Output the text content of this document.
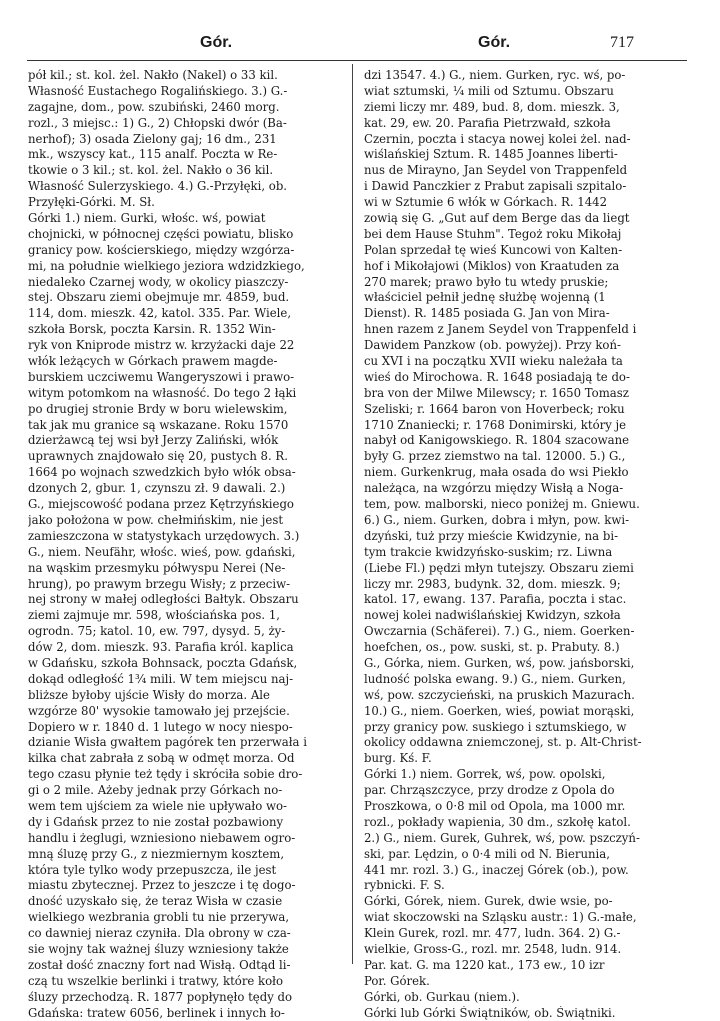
Gór.	Gór.	717
pół kil.; st. kol. żel. Nakło (Nakel) o 33 kil.
Własność Eustachego Rogalińskiego. 3.) G.-
zagajne, dom., pow. szubiński, 2460 morg.
rozl., 3 miejsc.: 1) G., 2) Chłopski dwór (Ba-
nerhof); 3) osada Zielony gaj; 16 dm., 231
mk., wszyscy kat., 115 analf. Poczta w Re-
tkowie o 3 kil.; st. kol. żel. Nakło o 36 kil.
Własność Sulerzyskiego. 4.) G.-Przyłęki, ob.
Przyłęki-Górki. M. Sł.
Górki 1.) niem. Gurki, włośc. wś, powiat
chojnicki, w północnej części powiatu, blisko
granicy pow. kościerskiego, między wzgórza-
mi, na południe wielkiego jeziora wdzidzkiego,
niedaleko Czarnej wody, w okolicy piaszczy-
stej. Obszaru ziemi obejmuje mr. 4859, bud.
114, dom. mieszk. 42, katol. 335. Par. Wiele,
szkoła Borsk, poczta Karsin. R. 1352 Win-
ryk von Kniprode mistrz w. krzyżacki daje 22
włók leżących w Górkach prawem magde-
burskiem uczciwemu Wangeryszowi i prawo-
witym potomkom na własność. Do tego 2 łąki
po drugiej stronie Brdy w boru wielewskim,
tak jak mu granice są wskazane. Roku 1570
dzierżawcą tej wsi był Jerzy Zaliński, włók
uprawnych znajdowało się 20, pustych 8. R.
1664 po wojnach szwedzkich było włók obsa-
dzonych 2, gbur. 1, czynszu zł. 9 dawali. 2.)
G., miejscowość podana przez Kętrzyńskiego
jako położona w pow. chełmińskim, nie jest
zamieszczona w statystykach urzędowych. 3.)
G., niem. Neufähr, włośc. wieś, pow. gdański,
na wąskim przesmyku półwyspu Nerei (Ne-
hrung), po prawym brzegu Wisły; z przeciw-
nej strony w małej odległości Bałtyk. Obszaru
ziemi zajmuje mr. 598, włościańska pos. 1,
ogrodn. 75; katol. 10, ew. 797, dysyd. 5, ży-
dów 2, dom. mieszk. 93. Parafia król. kaplica
w Gdańsku, szkoła Bohnsack, poczta Gdańsk,
dokąd odległość 1¾ mili. W tem miejscu naj-
bliższe byłoby ujście Wisły do morza. Ale
wzgórze 80' wysokie tamowało jej przejście.
Dopiero w r. 1840 d. 1 lutego w nocy niespo-
dzianie Wisła gwałtem pagórek ten przerwała i
kilka chat zabrała z sobą w odmęt morza. Od
tego czasu płynie też tędy i skróciła sobie dro-
gi o 2 mile. Ażeby jednak przy Górkach no-
wem tem ujściem za wiele nie upływało wo-
dy i Gdańsk przez to nie został pozbawiony
handlu i żeglugi, wzniesiono niebawem ogro-
mną śluzę przy G., z niezmiernym kosztem,
która tyle tylko wody przepuszcza, ile jest
miastu zbytecznej. Przez to jeszcze i tę dogo-
dność uzyskało się, że teraz Wisła w czasie
wielkiego wezbrania grobli tu nie przerywa,
co dawniej nieraz czyniła. Dla obrony w cza-
sie wojny tak ważnej śluzy wzniesiony także
został dość znaczny fort nad Wisłą. Odtąd li-
czą tu wszelkie berlinki i tratwy, które koło
śluzy przechodzą. R. 1877 popłynęło tędy do
Gdańska: tratew 6056, berlinek i innych ło-
dzi 13547. 4.) G., niem. Gurken, ryc. wś, po-
wiat sztumski, ¼ mili od Sztumu. Obszaru
ziemi liczy mr. 489, bud. 8, dom. mieszk. 3,
kat. 29, ew. 20. Parafia Pietrzwałd, szkoła
Czernin, poczta i stacya nowej kolei żel. nad-
wiślańskiej Sztum. R. 1485 Joannes liberti-
nus de Mirayno, Jan Seydel von Trappenfeld
i Dawid Panczkier z Prabut zapisali szpitalo-
wi w Sztumie 6 włók w Górkach. R. 1442
zowią się G. „Gut auf dem Berge das da liegt
bei dem Hause Stuhm". Tegoż roku Mikołaj
Polan sprzedał tę wieś Kuncowi von Kalten-
hof i Mikołajowi (Miklos) von Kraatuden za
270 marek; prawo było tu wtedy pruskie;
właściciel pełnił jednę służbę wojenną (1
Dienst). R. 1485 posiada G. Jan von Mira-
hnen razem z Janem Seydel von Trappenfeld i
Dawidem Panzkow (ob. powyżej). Przy koń-
cu XVI i na początku XVII wieku należała ta
wieś do Mirochowa. R. 1648 posiadają te do-
bra von der Milwe Milewscy; r. 1650 Tomasz
Szeliski; r. 1664 baron von Hoverbeck; roku
1710 Znaniecki; r. 1768 Donimirski, który je
nabył od Kanigowskiego. R. 1804 szacowane
były G. przez ziemstwo na tal. 12000. 5.) G.,
niem. Gurkenkrug, mała osada do wsi Piekło
należąca, na wzgórzu między Wisłą a Noga-
tem, pow. malborski, nieco poniżej m. Gniewu.
6.) G., niem. Gurken, dobra i młyn, pow. kwi-
dzyński, tuż przy mieście Kwidzynie, na bi-
tym trakcie kwidzyńsko-suskim; rz. Liwna
(Liebe Fl.) pędzi młyn tutejszy. Obszaru ziemi
liczy mr. 2983, budynk. 32, dom. mieszk. 9;
katol. 17, ewang. 137. Parafia, poczta i stac.
nowej kolei nadwiślańskiej Kwidzyn, szkoła
Owczarnia (Schäferei). 7.) G., niem. Goerken-
hoefchen, os., pow. suski, st. p. Prabuty. 8.)
G., Górka, niem. Gurken, wś, pow. jańsborski,
ludność polska ewang. 9.) G., niem. Gurken,
wś, pow. szczycieński, na pruskich Mazurach.
10.) G., niem. Goerken, wieś, powiat morąski,
przy granicy pow. suskiego i sztumskiego, w
okolicy oddawna zniemczonej, st. p. Alt-Christ-
burg. Kś. F.
Górki 1.) niem. Gorrek, wś, pow. opolski,
par. Chrząszczyce, przy drodze z Opola do
Proszkowa, o 0·8 mil od Opola, ma 1000 mr.
rozl., pokłady wapienia, 30 dm., szkołę katol.
2.) G., niem. Gurek, Guhrek, wś, pow. pszczyń-
ski, par. Lędzin, o 0·4 mili od N. Bierunia,
441 mr. rozl. 3.) G., inaczej Górek (ob.), pow.
rybnicki. F. S.
Górki, Górek, niem. Gurek, dwie wsie, po-
wiat skoczowski na Szląsku austr.: 1) G.-małe,
Klein Gurek, rozl. mr. 477, ludn. 364. 2) G.-
wielkie, Gross-G., rozl. mr. 2548, ludn. 914.
Par. kat. G. ma 1220 kat., 173 ew., 10 izr
Por. Górek.
Górki, ob. Gurkau (niem.).
Górki lub Górki Świątników, ob. Świątniki.
